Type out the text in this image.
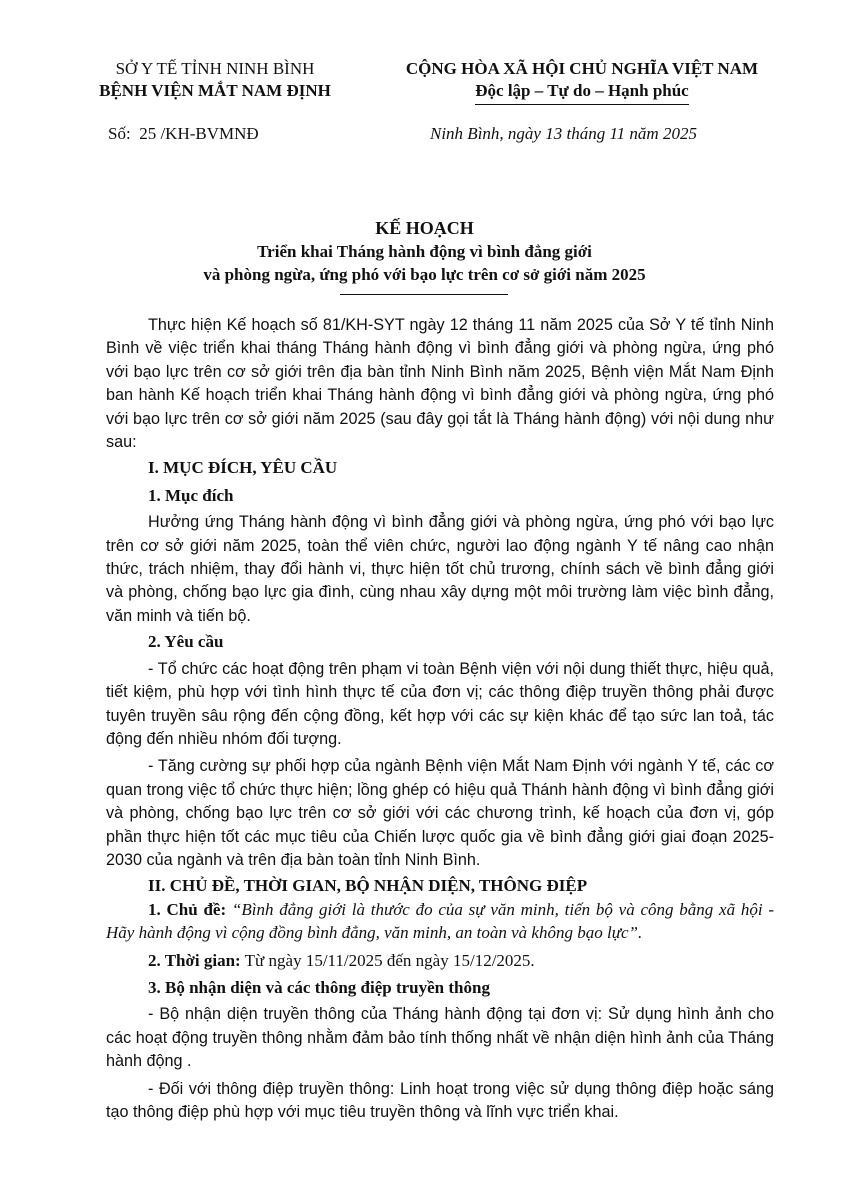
SỞ Y TẾ TỈNH NINH BÌNH
BỆNH VIỆN MẮT NAM ĐỊNH
CỘNG HÒA XÃ HỘI CHỦ NGHĨA VIỆT NAM
Độc lập – Tự do – Hạnh phúc
Số: 25 /KH-BVMNĐ	Ninh Bình, ngày 13 tháng 11 năm 2025
KẾ HOẠCH
Triển khai Tháng hành động vì bình đẳng giới
và phòng ngừa, ứng phó với bạo lực trên cơ sở giới năm 2025

Thực hiện Kế hoạch số 81/KH-SYT ngày 12 tháng 11 năm 2025 của Sở Y tế tỉnh Ninh Bình về việc triển khai tháng Tháng hành động vì bình đẳng giới và phòng ngừa, ứng phó với bạo lực trên cơ sở giới trên địa bàn tỉnh Ninh Bình năm 2025, Bệnh viện Mắt Nam Định ban hành Kế hoạch triển khai Tháng hành động vì bình đẳng giới và phòng ngừa, ứng phó với bạo lực trên cơ sở giới năm 2025 (sau đây gọi tắt là Tháng hành động) với nội dung như sau:

I. MỤC ĐÍCH, YÊU CẦU

1. Mục đích

Hưởng ứng Tháng hành động vì bình đẳng giới và phòng ngừa, ứng phó với bạo lực trên cơ sở giới năm 2025, toàn thể viên chức, người lao động ngành Y tế nâng cao nhận thức, trách nhiệm, thay đổi hành vi, thực hiện tốt chủ trương, chính sách về bình đẳng giới và phòng, chống bạo lực gia đình, cùng nhau xây dựng một môi trường làm việc bình đẳng, văn minh và tiến bộ.

2. Yêu cầu

- Tổ chức các hoạt động trên phạm vi toàn Bệnh viện với nội dung thiết thực, hiệu quả, tiết kiệm, phù hợp với tình hình thực tế của đơn vị; các thông điệp truyền thông phải được tuyên truyền sâu rộng đến cộng đồng, kết hợp với các sự kiện khác để tạo sức lan toả, tác động đến nhiều nhóm đối tượng.

- Tăng cường sự phối hợp của ngành Bệnh viện Mắt Nam Định với ngành Y tế, các cơ quan trong việc tổ chức thực hiện; lồng ghép có hiệu quả Thánh hành động vì bình đẳng giới và phòng, chống bạo lực trên cơ sở giới với các chương trình, kế hoạch của đơn vị, góp phần thực hiện tốt các mục tiêu của Chiến lược quốc gia về bình đẳng giới giai đoạn 2025-2030 của ngành và trên địa bàn toàn tỉnh Ninh Bình.

II. CHỦ ĐỀ, THỜI GIAN, BỘ NHẬN DIỆN, THÔNG ĐIỆP

1. Chủ đề: “Bình đẳng giới là thước đo của sự văn minh, tiến bộ và công bằng xã hội - Hãy hành động vì cộng đồng bình đẳng, văn minh, an toàn và không bạo lực”.

2. Thời gian: Từ ngày 15/11/2025 đến ngày 15/12/2025.

3. Bộ nhận diện và các thông điệp truyền thông

- Bộ nhận diện truyền thông của Tháng hành động tại đơn vị: Sử dụng hình ảnh cho các hoạt động truyền thông nhằm đảm bảo tính thống nhất về nhận diện hình ảnh của Tháng hành động .

- Đối với thông điệp truyền thông: Linh hoạt trong việc sử dụng thông điệp hoặc sáng tạo thông điệp phù hợp với mục tiêu truyền thông và lĩnh vực triển khai.
